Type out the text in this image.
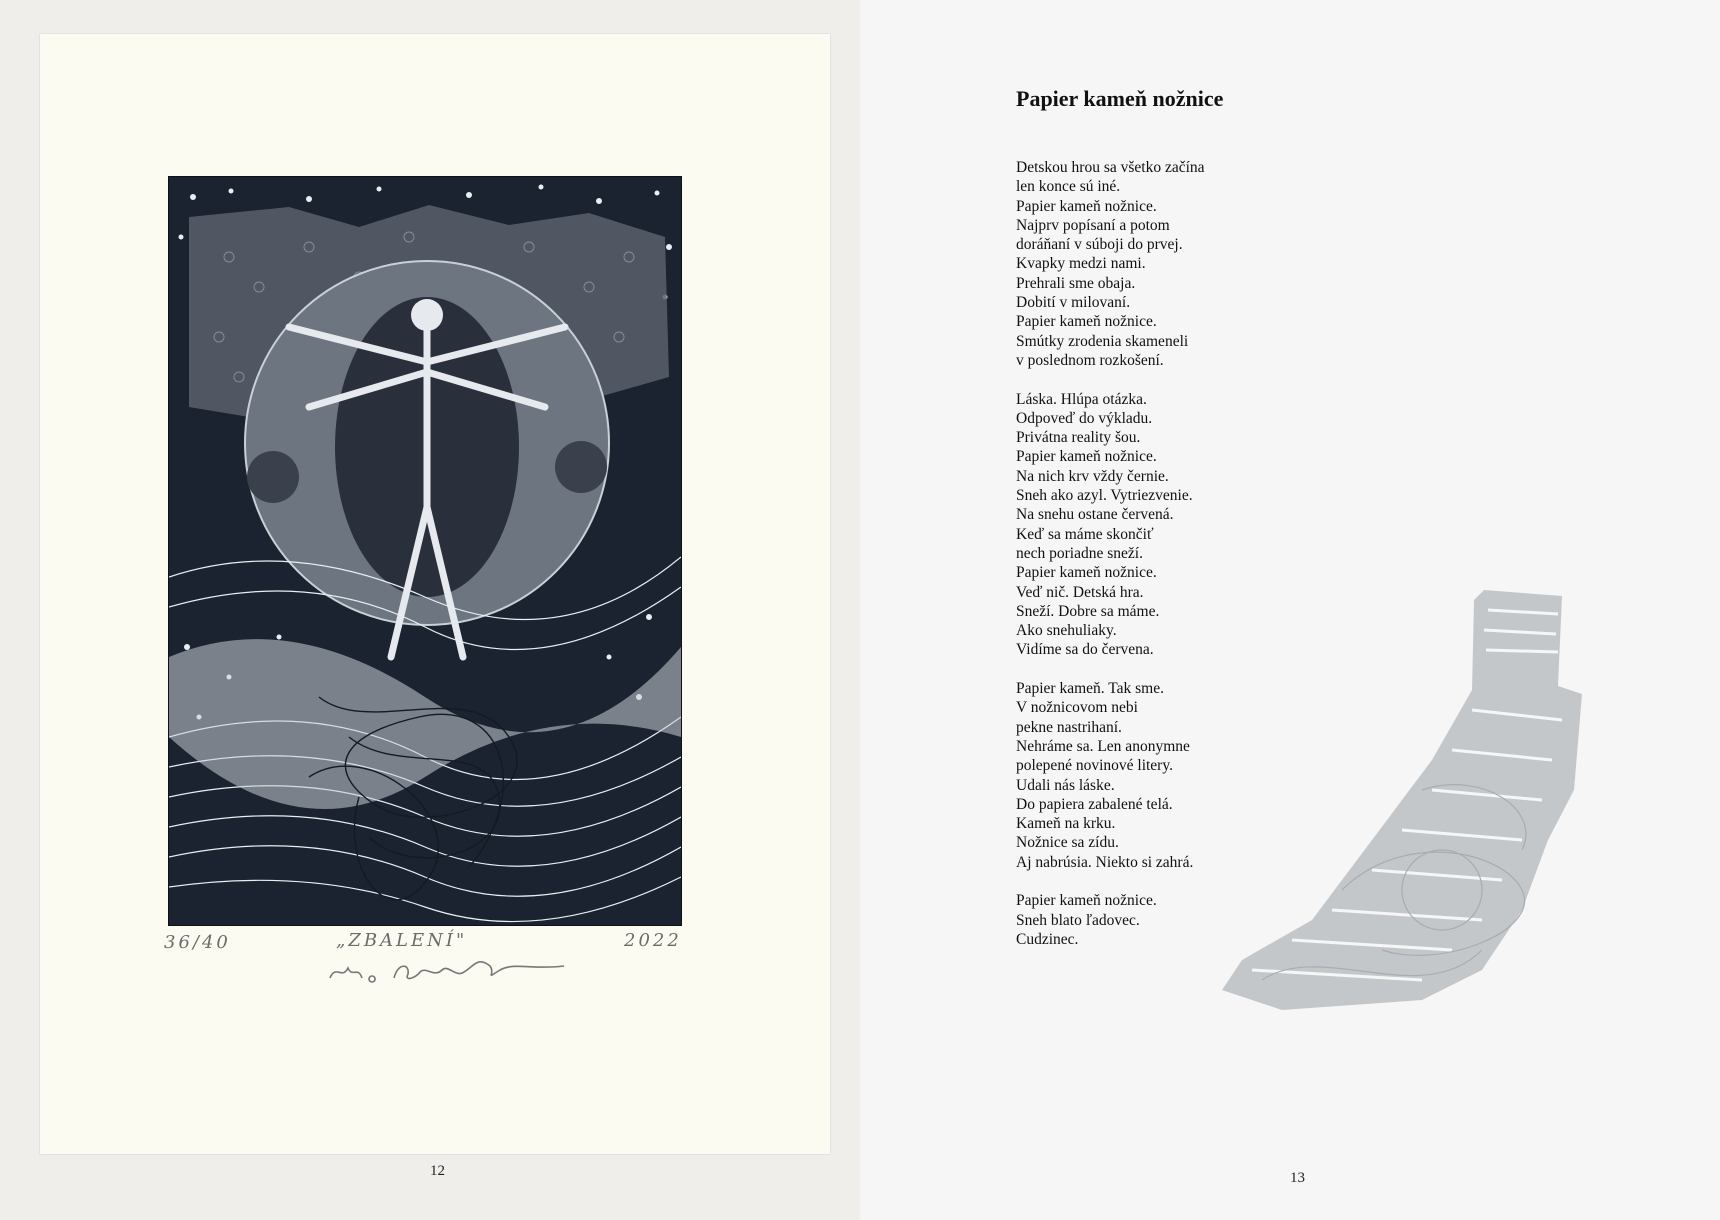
36/40	„ZBALENÍ"	2022
12
Papier kameň nožnice
Detskou hrou sa všetko začína
len konce sú iné.
Papier kameň nožnice.
Najprv popísaní a potom
doráňaní v súboji do prvej.
Kvapky medzi nami.
Prehrali sme obaja.
Dobití v milovaní.
Papier kameň nožnice.
Smútky zrodenia skameneli
v poslednom rozkošení.
Láska. Hlúpa otázka.
Odpoveď do výkladu.
Privátna reality šou.
Papier kameň nožnice.
Na nich krv vždy černie.
Sneh ako azyl. Vytriezvenie.
Na snehu ostane červená.
Keď sa máme skončiť
nech poriadne sneží.
Papier kameň nožnice.
Veď nič. Detská hra.
Sneží. Dobre sa máme.
Ako snehuliaky.
Vidíme sa do červena.
Papier kameň. Tak sme.
V nožnicovom nebi
pekne nastrihaní.
Nehráme sa. Len anonymne
polepené novinové litery.
Udali nás láske.
Do papiera zabalené telá.
Kameň na krku.
Nožnice sa zídu.
Aj nabrúsia. Niekto si zahrá.
Papier kameň nožnice.
Sneh blato ľadovec.
Cudzinec.
13
